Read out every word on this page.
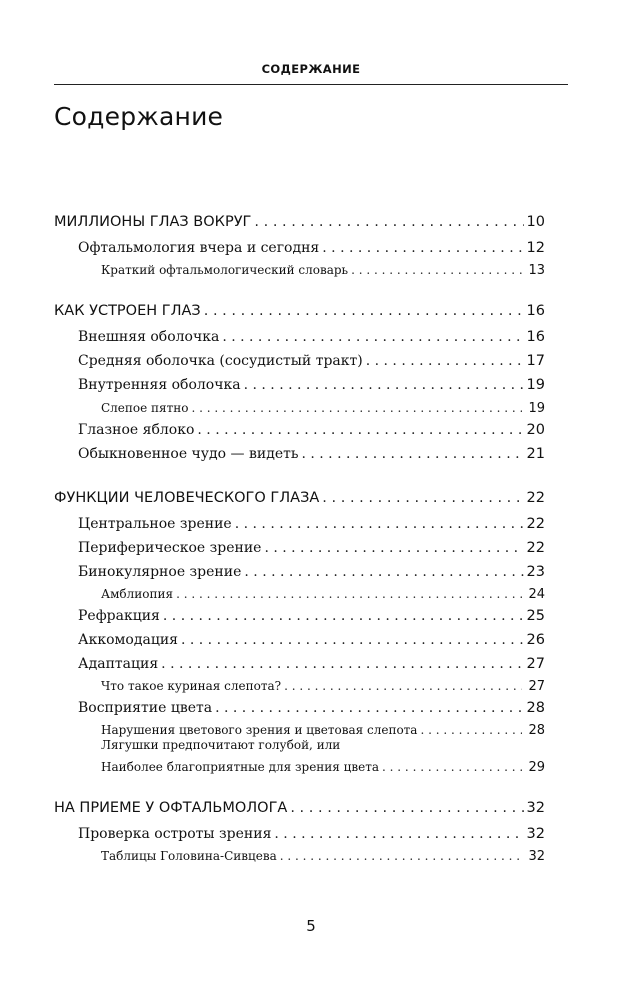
СОДЕРЖАНИЕ
Содержание
МИЛЛИОНЫ ГЛАЗ ВОКРУГ . . .	10
Офтальмология вчера и сегодня . . .	12
Краткий офтальмологический словарь . . .	13
КАК УСТРОЕН ГЛАЗ . . .	16
Внешняя оболочка . . .	16
Средняя оболочка (сосудистый тракт) . . .	17
Внутренняя оболочка . . .	19
Слепое пятно . . .	19
Глазное яблоко . . .	20
Обыкновенное чудо — видеть . . .	21
ФУНКЦИИ ЧЕЛОВЕЧЕСКОГО ГЛАЗА . . .	22
Центральное зрение . . .	22
Периферическое зрение . . .	22
Бинокулярное зрение . . .	23
Амблиопия . . .	24
Рефракция . . .	25
Аккомодация . . .	26
Адаптация . . .	27
Что такое куриная слепота? . . .	27
Восприятие цвета . . .	28
Нарушения цветового зрения и цветовая слепота . . .	28
Лягушки предпочитают голубой, или
Наиболее благоприятные для зрения цвета . . .	29
НА ПРИЕМЕ У ОФТАЛЬМОЛОГА . . .	32
Проверка остроты зрения . . .	32
Таблицы Головина-Сивцева . . .	32
5
